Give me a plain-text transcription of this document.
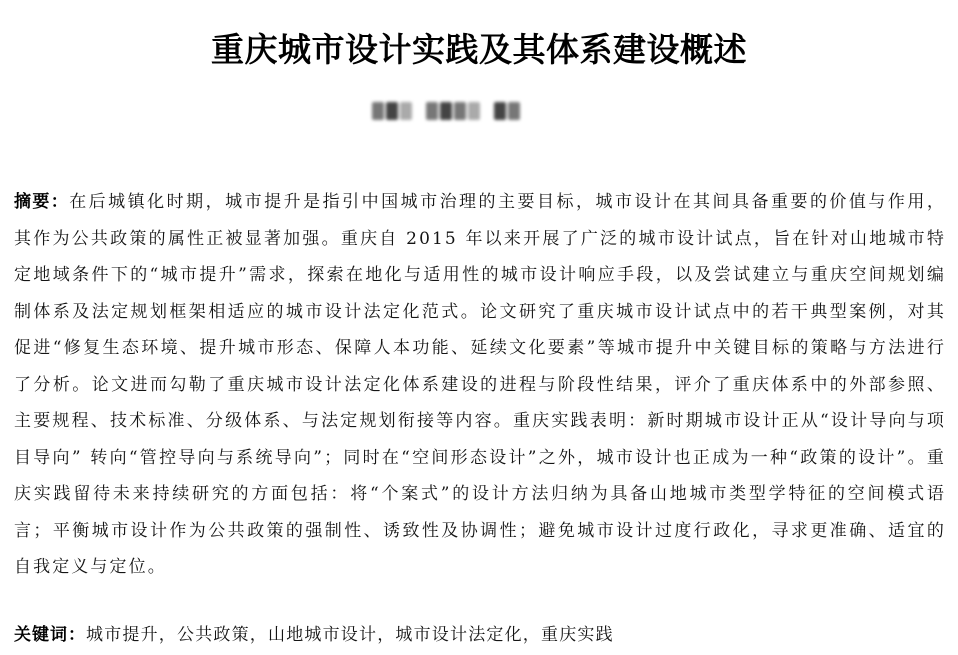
重庆城市设计实践及其体系建设概述
摘要：在后城镇化时期，城市提升是指引中国城市治理的主要目标，城市设计在其间具备重要的价值与作用，其作为公共政策的属性正被显著加强。重庆自 2015 年以来开展了广泛的城市设计试点，旨在针对山地城市特定地域条件下的“城市提升”需求，探索在地化与适用性的城市设计响应手段，以及尝试建立与重庆空间规划编制体系及法定规划框架相适应的城市设计法定化范式。论文研究了重庆城市设计试点中的若干典型案例，对其促进“修复生态环境、提升城市形态、保障人本功能、延续文化要素”等城市提升中关键目标的策略与方法进行了分析。论文进而勾勒了重庆城市设计法定化体系建设的进程与阶段性结果，评介了重庆体系中的外部参照、主要规程、技术标准、分级体系、与法定规划衔接等内容。重庆实践表明：新时期城市设计正从“设计导向与项目导向” 转向“管控导向与系统导向”；同时在“空间形态设计”之外，城市设计也正成为一种“政策的设计”。重庆实践留待未来持续研究的方面包括：将“个案式”的设计方法归纳为具备山地城市类型学特征的空间模式语言；平衡城市设计作为公共政策的强制性、诱致性及协调性；避免城市设计过度行政化，寻求更准确、适宜的自我定义与定位。
关键词：城市提升，公共政策，山地城市设计，城市设计法定化，重庆实践
